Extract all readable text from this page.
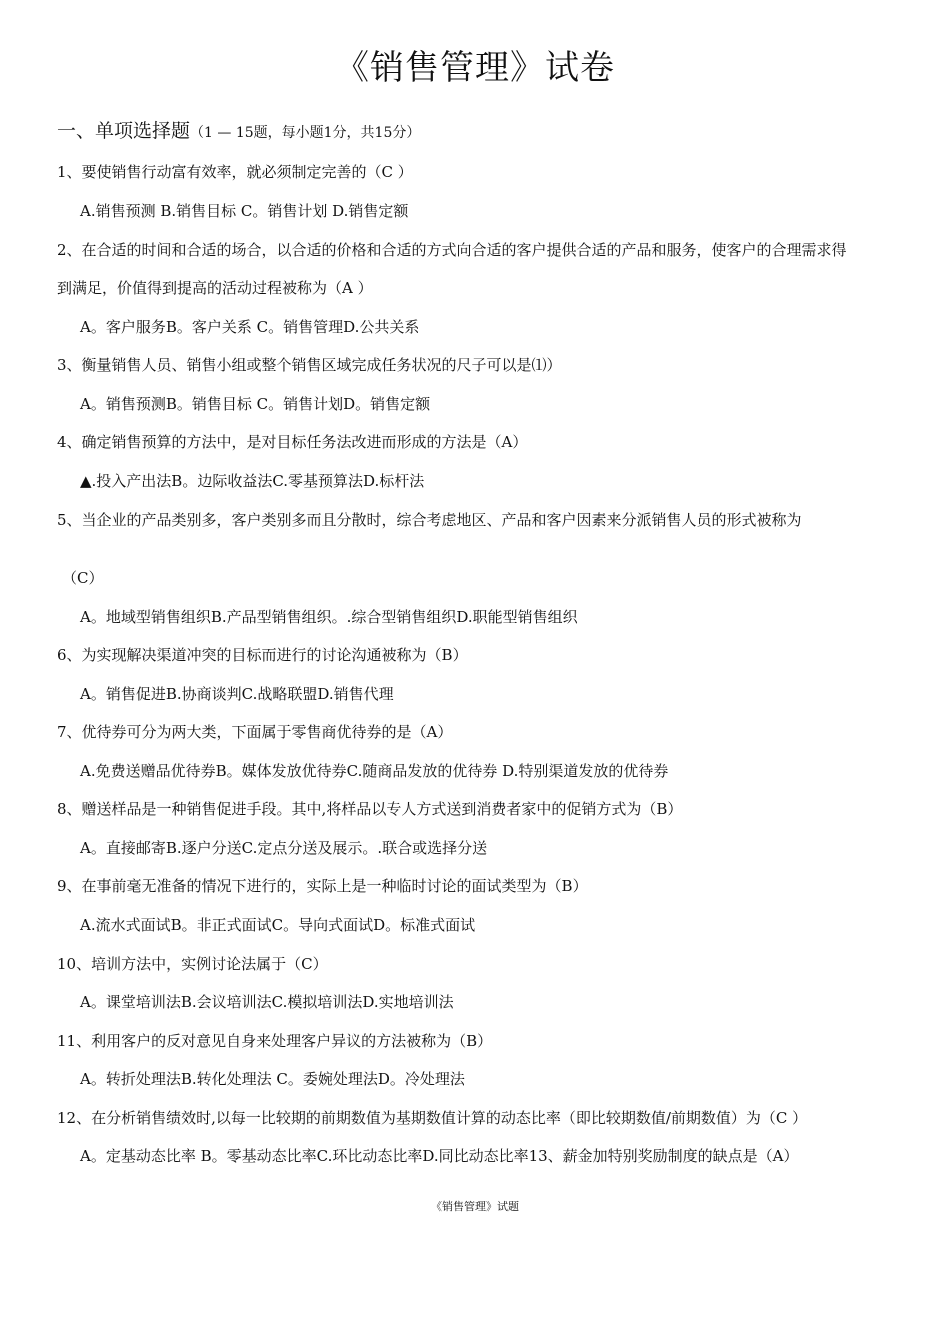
《销售管理》试卷
一、单项选择题（1 — 15题，每小题1分，共15分）
1、要使销售行动富有效率，就必须制定完善的（C ）
A.销售预测 B.销售目标 C。销售计划 D.销售定额
2、在合适的时间和合适的场合，以合适的价格和合适的方式向合适的客户提供合适的产品和服务，使客户的合理需求得
到满足，价值得到提高的活动过程被称为（A ）
A。客户服务B。客户关系 C。销售管理D.公共关系
3、衡量销售人员、销售小组或整个销售区域完成任务状况的尺子可以是⑴）
A。销售预测B。销售目标 C。销售计划D。销售定额
4、确定销售预算的方法中，是对目标任务法改进而形成的方法是（A）
▲.投入产出法B。边际收益法C.零基预算法D.标杆法
5、当企业的产品类别多，客户类别多而且分散时，综合考虑地区、产品和客户因素来分派销售人员的形式被称为
（C）
A。地域型销售组织B.产品型销售组织。.综合型销售组织D.职能型销售组织
6、为实现解决渠道冲突的目标而进行的讨论沟通被称为（B）
A。销售促进B.协商谈判C.战略联盟D.销售代理
7、优待券可分为两大类，下面属于零售商优待券的是（A）
A.免费送赠品优待券B。媒体发放优待券C.随商品发放的优待券 D.特别渠道发放的优待券
8、赠送样品是一种销售促进手段。其中,将样品以专人方式送到消费者家中的促销方式为（B）
A。直接邮寄B.逐户分送C.定点分送及展示。.联合或选择分送
9、在事前毫无准备的情况下进行的，实际上是一种临时讨论的面试类型为（B）
A.流水式面试B。非正式面试C。导向式面试D。标准式面试
10、培训方法中，实例讨论法属于（C）
A。课堂培训法B.会议培训法C.模拟培训法D.实地培训法
11、利用客户的反对意见自身来处理客户异议的方法被称为（B）
A。转折处理法B.转化处理法 C。委婉处理法D。冷处理法
12、在分析销售绩效时,以每一比较期的前期数值为基期数值计算的动态比率（即比较期数值/前期数值）为（C ）
A。定基动态比率 B。零基动态比率C.环比动态比率D.同比动态比率13、薪金加特别奖励制度的缺点是（A）
《销售管理》试题
